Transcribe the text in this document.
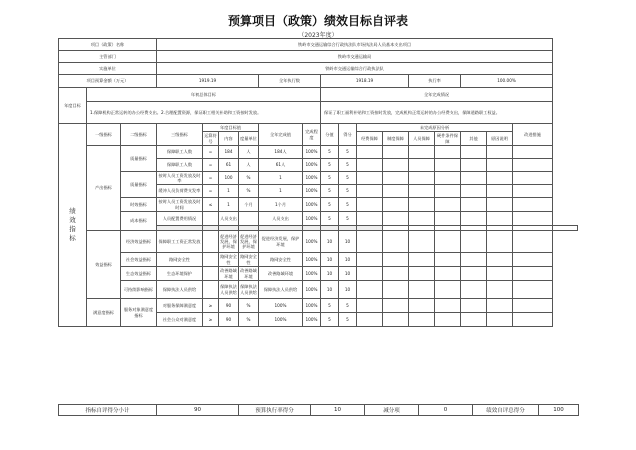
预算项目（政策）绩效目标自评表
（2023年度）
项目（政策）名称			铁岭市交通运输综合行政执法队市场执法局人员基本支出项目															
主管部门			铁岭市交通运输局															
实施单位			铁岭市交通运输综合行政执法队															
项目预算金额（万元）			1919.19				全年执行数		1918.19				执行率		100.00%			
年度目标	年初总体目标								全年完成情况									
	1.保障机构正常运转的办公经费支出。2.合理配置资源，保证职工相关补助和工资按时发放。								保证了职工福利补贴和工资按时发放，完成机构正常运转的办公经费支出，保障道路职工权益。									

绩效指标	一级指标	二级指标	三级指标	年度目标值			全年完成值	完成程度	分值	得分	未完成原因分析						改进措施	
				运算符号	内容	度量单位					经费保障	制度保障	人员保障	硬件条件保障	其他	原因说明		
	产出指标	质量指标	保障职工人数	=	184	人	184人	100%	5	5								
			保障职工人数	=	61	人	61人	100%	5	5								
		质量指标	按时人员工资发放及时率	=	100	%	1	100%	5	5								
			缓冲人员负荷费支发率	=	1	%	1	100%	5	5								
		时效指标	按时人员工资发放及时时间	≤	1	个月	1个月	100%	5	5								
		成本指标	人员配置费用情况		人员支出		人员支出	100%	5	5								

	效益指标	经济效益指标	保障职工工资正常发放		促进经济发展，保护环境	促进经济发展，保护环境	促进经济发展，保护环境	100%	10	10								
		社会效益指标	路网安全性		路网安全性	路网安全性	路网安全性	100%	10	10								
		生态效益指标	生态环境保护		改善路域环境	改善路域环境	改善路域环境	100%	10	10								
		可持续影响指标	保障执法人员供给		保障执法人员供给	保障执法人员供给	保障执法人员供给	100%	10	10								
	满意度指标	服务对象满意度指标	对服务保障满意度	≥	90	%	100%	100%	5	5								
			社会公众对满意度	≥	90	%	100%	100%	5	5								
指标自评得分小计	90	预算执行率得分	10	减分项	0	绩效自评总得分	100
